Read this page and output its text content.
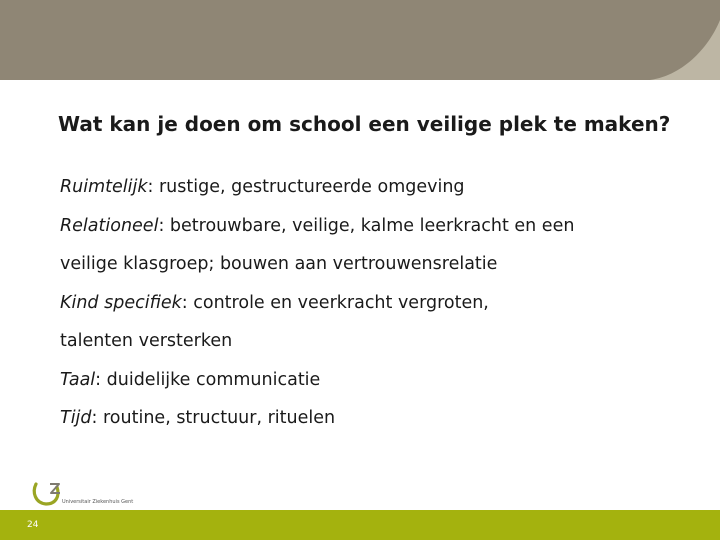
Wat kan je doen om school een veilige plek te maken?
Ruimtelijk: rustige, gestructureerde omgeving
Relationeel: betrouwbare, veilige, kalme leerkracht en een
veilige klasgroep; bouwen aan vertrouwensrelatie
Kind specifiek: controle en veerkracht vergroten,
talenten versterken
Taal: duidelijke communicatie
Tijd: routine, structuur, rituelen
Universitair Ziekenhuis Gent
24
